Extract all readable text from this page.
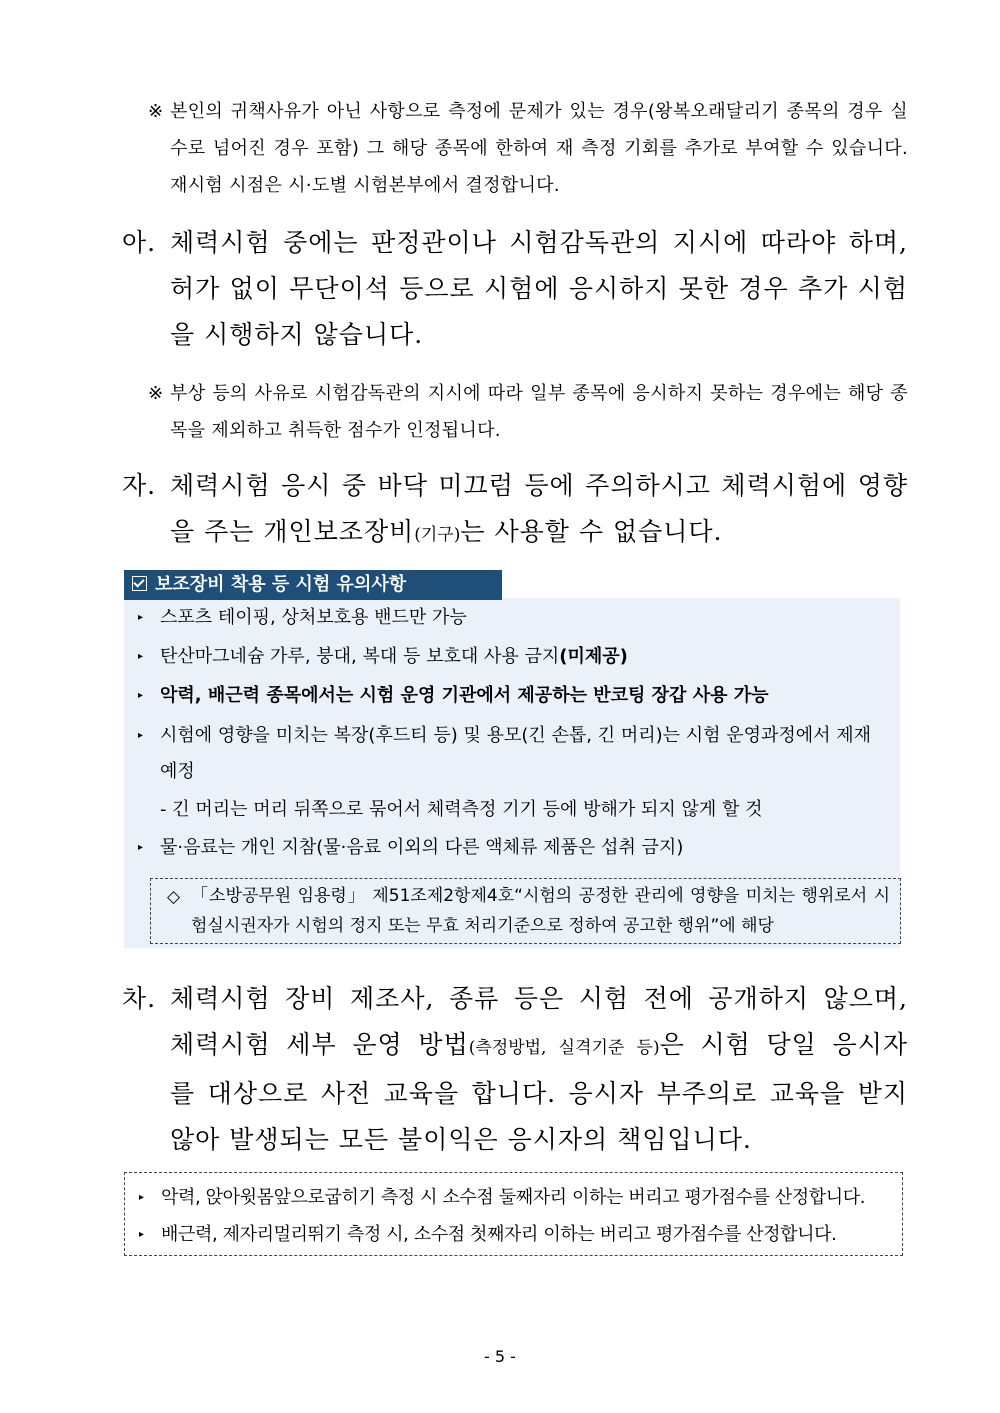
※ 본인의 귀책사유가 아닌 사항으로 측정에 문제가 있는 경우(왕복오래달리기 종목의 경우 실수로 넘어진 경우 포함) 그 해당 종목에 한하여 재 측정 기회를 추가로 부여할 수 있습니다. 재시험 시점은 시·도별 시험본부에서 결정합니다.
아. 체력시험 중에는 판정관이나 시험감독관의 지시에 따라야 하며, 허가 없이 무단이석 등으로 시험에 응시하지 못한 경우 추가 시험을 시행하지 않습니다.
※ 부상 등의 사유로 시험감독관의 지시에 따라 일부 종목에 응시하지 못하는 경우에는 해당 종목을 제외하고 취득한 점수가 인정됩니다.
자. 체력시험 응시 중 바닥 미끄럼 등에 주의하시고 체력시험에 영향을 주는 개인보조장비(기구)는 사용할 수 없습니다.
보조장비 착용 등 시험 유의사항
▸ 스포츠 테이핑, 상처보호용 밴드만 가능
▸ 탄산마그네슘 가루, 붕대, 복대 등 보호대 사용 금지(미제공)
▸ 악력, 배근력 종목에서는 시험 운영 기관에서 제공하는 반코팅 장갑 사용 가능
▸ 시험에 영향을 미치는 복장(후드티 등) 및 용모(긴 손톱, 긴 머리)는 시험 운영과정에서 제재 예정
- 긴 머리는 머리 뒤쪽으로 묶어서 체력측정 기기 등에 방해가 되지 않게 할 것
▸ 물·음료는 개인 지참(물·음료 이외의 다른 액체류 제품은 섭취 금지)
◇ 「소방공무원 임용령」 제51조제2항제4호“시험의 공정한 관리에 영향을 미치는 행위로서 시험실시권자가 시험의 정지 또는 무효 처리기준으로 정하여 공고한 행위”에 해당
차. 체력시험 장비 제조사, 종류 등은 시험 전에 공개하지 않으며,
체력시험 세부 운영 방법(측정방법, 실격기준 등)은 시험 당일 응시자
를 대상으로 사전 교육을 합니다. 응시자 부주의로 교육을 받지
않아 발생되는 모든 불이익은 응시자의 책임입니다.
▸ 악력, 앉아윗몸앞으로굽히기 측정 시 소수점 둘째자리 이하는 버리고 평가점수를 산정합니다.
▸ 배근력, 제자리멀리뛰기 측정 시, 소수점 첫째자리 이하는 버리고 평가점수를 산정합니다.
- 5 -
